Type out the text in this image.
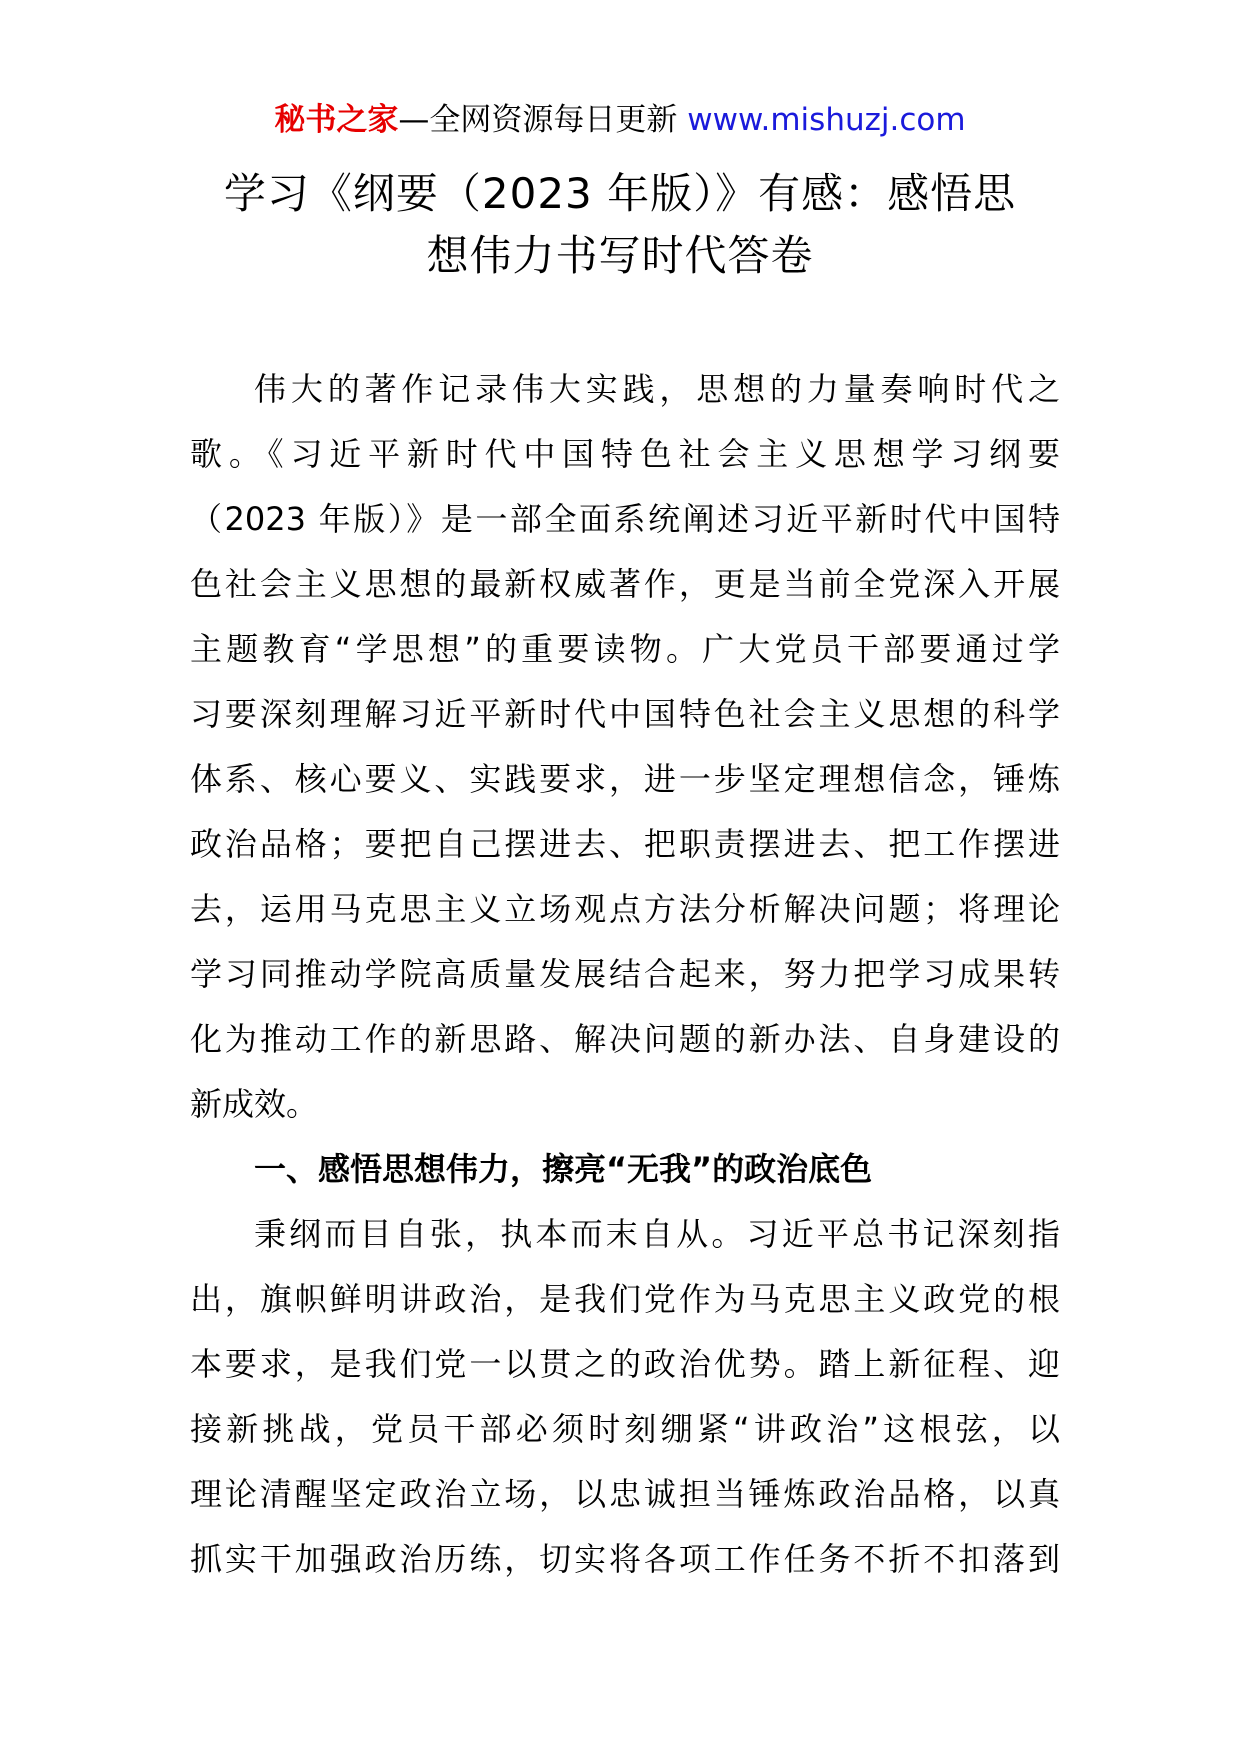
秘书之家—全网资源每日更新 www.mishuzj.com
学习《纲要（2023 年版）》有感：感悟思
想伟力书写时代答卷
伟大的著作记录伟大实践，思想的力量奏响时代之
歌。《习近平新时代中国特色社会主义思想学习纲要
（2023 年版）》是一部全面系统阐述习近平新时代中国特
色社会主义思想的最新权威著作，更是当前全党深入开展
主题教育“学思想”的重要读物。广大党员干部要通过学
习要深刻理解习近平新时代中国特色社会主义思想的科学
体系、核心要义、实践要求，进一步坚定理想信念，锤炼
政治品格；要把自己摆进去、把职责摆进去、把工作摆进
去，运用马克思主义立场观点方法分析解决问题；将理论
学习同推动学院高质量发展结合起来，努力把学习成果转
化为推动工作的新思路、解决问题的新办法、自身建设的
新成效。
一、感悟思想伟力，擦亮“无我”的政治底色
秉纲而目自张，执本而末自从。习近平总书记深刻指
出，旗帜鲜明讲政治，是我们党作为马克思主义政党的根
本要求，是我们党一以贯之的政治优势。踏上新征程、迎
接新挑战，党员干部必须时刻绷紧“讲政治”这根弦，以
理论清醒坚定政治立场，以忠诚担当锤炼政治品格，以真
抓实干加强政治历练，切实将各项工作任务不折不扣落到
